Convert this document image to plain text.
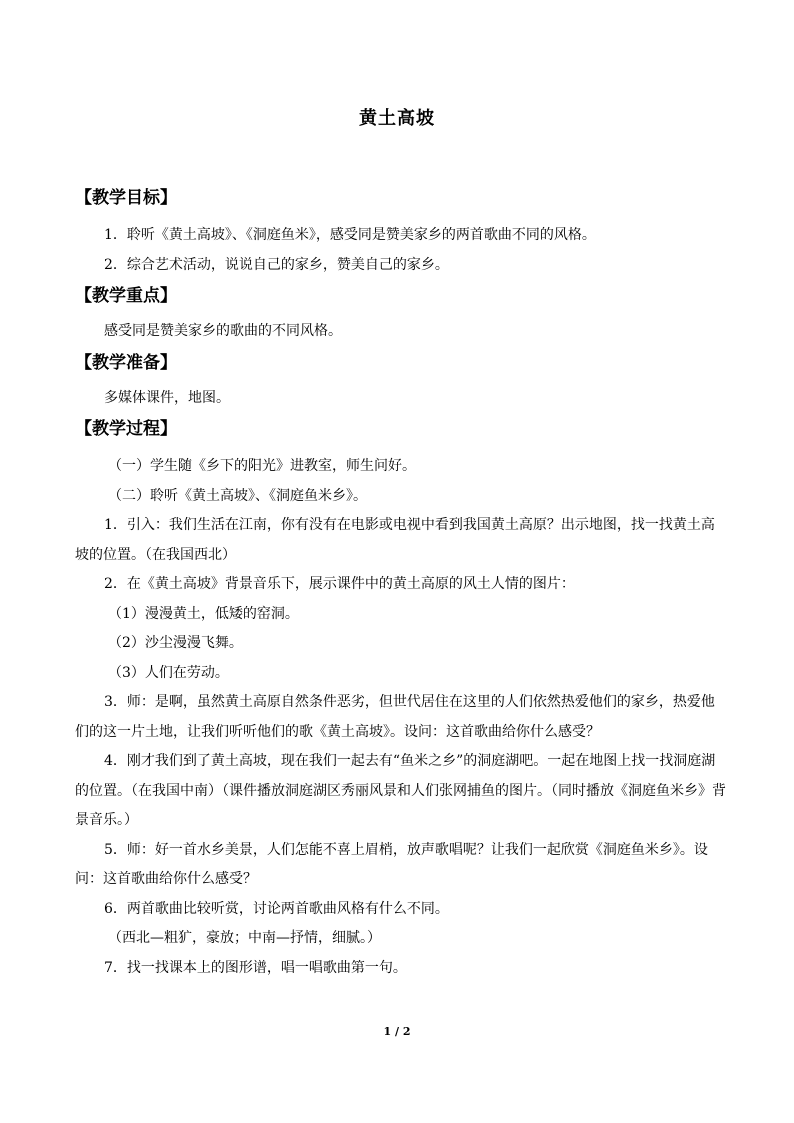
黄土高坡
【教学目标】

1．聆听《黄土高坡》、《洞庭鱼米》，感受同是赞美家乡的两首歌曲不同的风格。

2．综合艺术活动，说说自己的家乡，赞美自己的家乡。

【教学重点】

感受同是赞美家乡的歌曲的不同风格。

【教学准备】

多媒体课件，地图。

【教学过程】

（一）学生随《乡下的阳光》进教室，师生问好。

（二）聆听《黄土高坡》、《洞庭鱼米乡》。

1．引入：我们生活在江南，你有没有在电影或电视中看到我国黄土高原？出示地图，找一找黄土高坡的位置。（在我国西北）

2．在《黄土高坡》背景音乐下，展示课件中的黄土高原的风土人情的图片：

（1）漫漫黄土，低矮的窑洞。

（2）沙尘漫漫飞舞。

（3）人们在劳动。

3．师：是啊，虽然黄土高原自然条件恶劣，但世代居住在这里的人们依然热爱他们的家乡，热爱他们的这一片土地，让我们听听他们的歌《黄土高坡》。设问：这首歌曲给你什么感受？

4．刚才我们到了黄土高坡，现在我们一起去有“鱼米之乡”的洞庭湖吧。一起在地图上找一找洞庭湖的位置。（在我国中南）（课件播放洞庭湖区秀丽风景和人们张网捕鱼的图片。（同时播放《洞庭鱼米乡》背景音乐。）

5．师：好一首水乡美景，人们怎能不喜上眉梢，放声歌唱呢？让我们一起欣赏《洞庭鱼米乡》。设问：这首歌曲给你什么感受？

6．两首歌曲比较听赏，讨论两首歌曲风格有什么不同。

（西北—粗犷，豪放；中南—抒情，细腻。）

7．找一找课本上的图形谱，唱一唱歌曲第一句。

1 / 2
